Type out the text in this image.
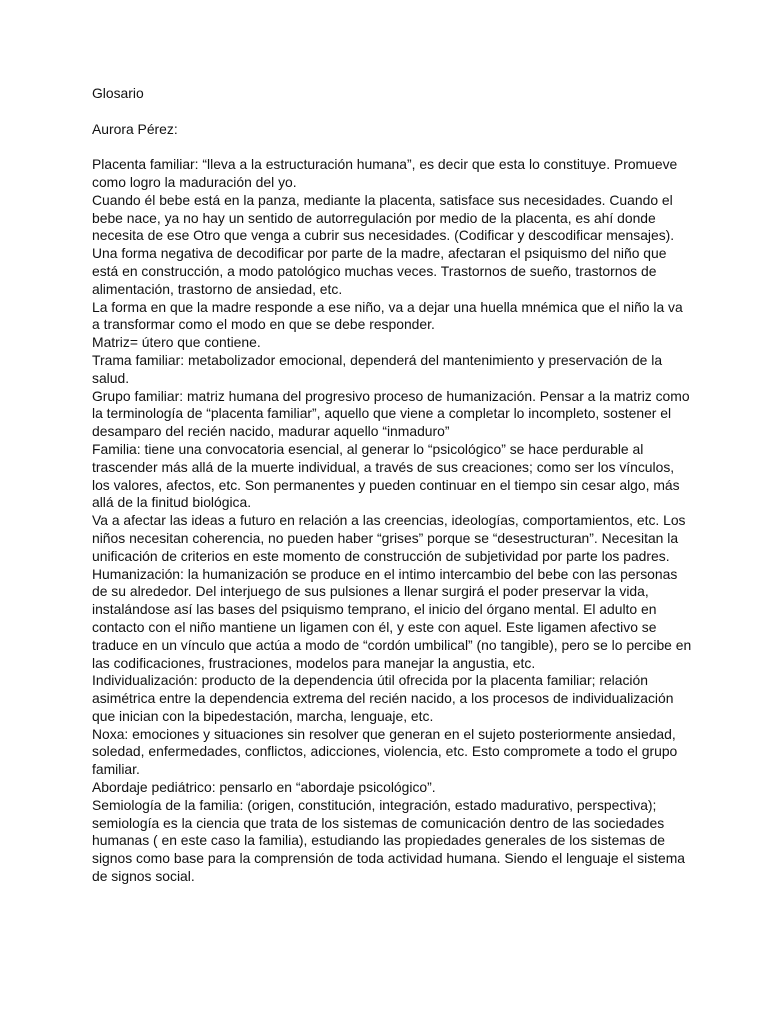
Glosario
Aurora Pérez:

Placenta familiar: “lleva a la estructuración humana”, es decir que esta lo constituye. Promueve como logro la maduración del yo.

Cuando él bebe está en la panza, mediante la placenta, satisface sus necesidades. Cuando el bebe nace, ya no hay un sentido de autorregulación por medio de la placenta, es ahí donde necesita de ese Otro que venga a cubrir sus necesidades. (Codificar y descodificar mensajes). Una forma negativa de decodificar por parte de la madre, afectaran el psiquismo del niño que está en construcción, a modo patológico muchas veces. Trastornos de sueño, trastornos de alimentación, trastorno de ansiedad, etc.

La forma en que la madre responde a ese niño, va a dejar una huella mnémica que el niño la va a transformar como el modo en que se debe responder.

Matriz= útero que contiene.

Trama familiar: metabolizador emocional, dependerá del mantenimiento y preservación de la salud.

Grupo familiar: matriz humana del progresivo proceso de humanización. Pensar a la matriz como la terminología de “placenta familiar”, aquello que viene a completar lo incompleto, sostener el desamparo del recién nacido, madurar aquello “inmaduro”

Familia: tiene una convocatoria esencial, al generar lo “psicológico” se hace perdurable al trascender más allá de la muerte individual, a través de sus creaciones; como ser los vínculos, los valores, afectos, etc. Son permanentes y pueden continuar en el tiempo sin cesar algo, más allá de la finitud biológica.

Va a afectar las ideas a futuro en relación a las creencias, ideologías, comportamientos, etc. Los niños necesitan coherencia, no pueden haber “grises” porque se “desestructuran”. Necesitan la unificación de criterios en este momento de construcción de subjetividad por parte los padres.

Humanización: la humanización se produce en el intimo intercambio del bebe con las personas de su alrededor. Del interjuego de sus pulsiones a llenar surgirá el poder preservar la vida, instalándose así las bases del psiquismo temprano, el inicio del órgano mental. El adulto en contacto con el niño mantiene un ligamen con él, y este con aquel. Este ligamen afectivo se traduce en un vínculo que actúa a modo de “cordón umbilical” (no tangible), pero se lo percibe en las codificaciones, frustraciones, modelos para manejar la angustia, etc.

Individualización: producto de la dependencia útil ofrecida por la placenta familiar; relación asimétrica entre la dependencia extrema del recién nacido, a los procesos de individualización que inician con la bipedestación, marcha, lenguaje, etc.

Noxa: emociones y situaciones sin resolver que generan en el sujeto posteriormente ansiedad, soledad, enfermedades, conflictos, adicciones, violencia, etc. Esto compromete a todo el grupo familiar.

Abordaje pediátrico: pensarlo en “abordaje psicológico”.

Semiología de la familia: (origen, constitución, integración, estado madurativo, perspectiva); semiología es la ciencia que trata de los sistemas de comunicación dentro de las sociedades humanas ( en este caso la familia), estudiando las propiedades generales de los sistemas de signos como base para la comprensión de toda actividad humana. Siendo el lenguaje el sistema de signos social.
